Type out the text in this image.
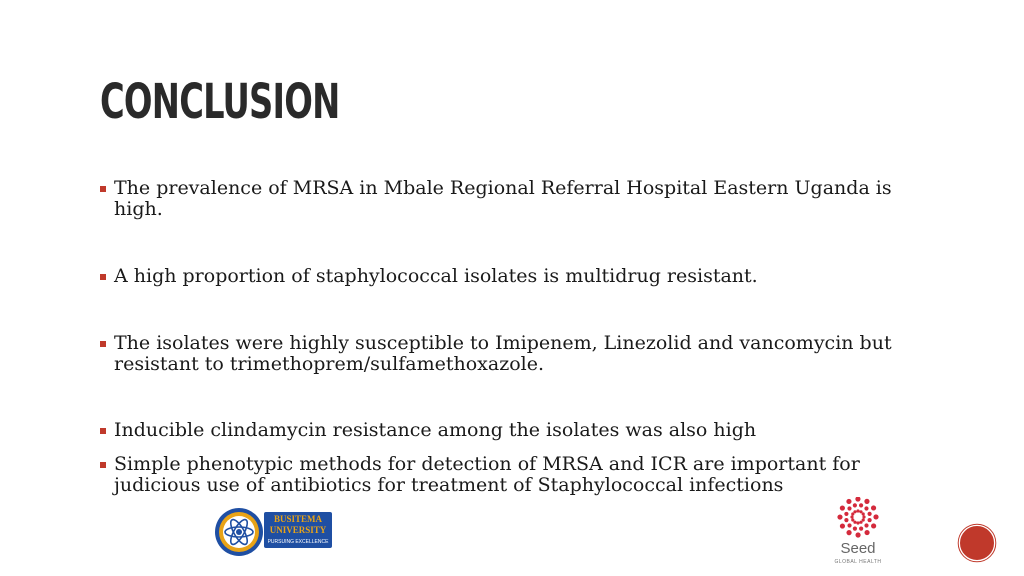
CONCLUSION
The prevalence of MRSA in Mbale Regional Referral Hospital Eastern Uganda is high.
A high proportion of staphylococcal isolates is multidrug resistant.
The isolates were highly susceptible to Imipenem, Linezolid and vancomycin but resistant to trimethoprem/sulfamethoxazole.
Inducible clindamycin resistance among the isolates was also high
Simple phenotypic methods for detection of MRSA and ICR are important for judicious use of antibiotics for treatment of Staphylococcal infections
BUSITEMA
UNIVERSITY
PURSUING EXCELLENCE	Seed
GLOBAL HEALTH
